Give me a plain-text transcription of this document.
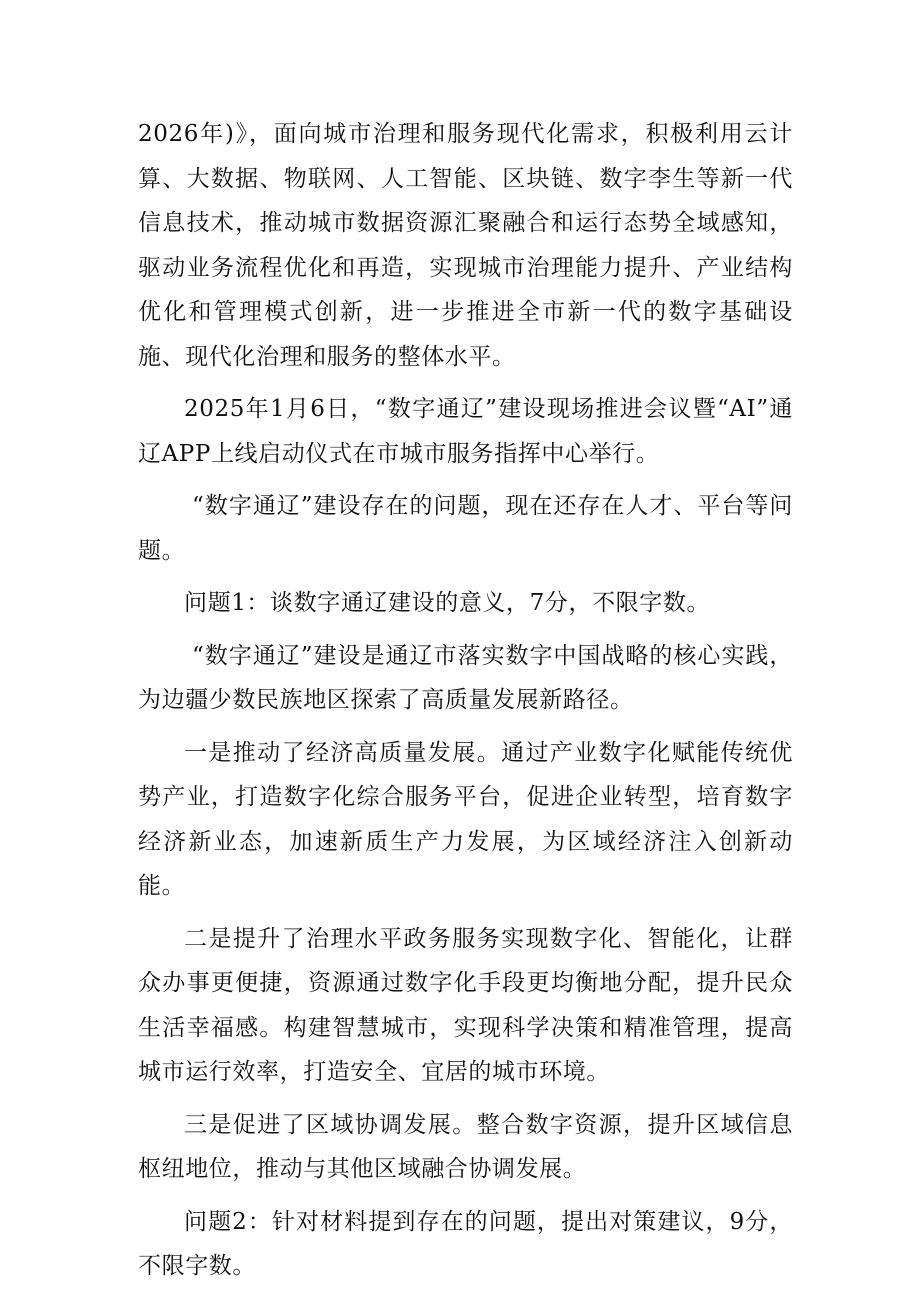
2026年)》，面向城市治理和服务现代化需求，积极利用云计算、大数据、物联网、人工智能、区块链、数字李生等新一代信息技术，推动城市数据资源汇聚融合和运行态势全域感知，驱动业务流程优化和再造，实现城市治理能力提升、产业结构优化和管理模式创新，进一步推进全市新一代的数字基础设施、现代化治理和服务的整体水平。

2025年1月6日，“数字通辽”建设现场推进会议暨“AI”通辽APP上线启动仪式在市城市服务指挥中心举行。

“数字通辽”建设存在的问题，现在还存在人才、平台等问题。

问题1：谈数字通辽建设的意义，7分，不限字数。

“数字通辽”建设是通辽市落实数字中国战略的核心实践，为边疆少数民族地区探索了高质量发展新路径。

一是推动了经济高质量发展。通过产业数字化赋能传统优势产业，打造数字化综合服务平台，促进企业转型，培育数字经济新业态，加速新质生产力发展，为区域经济注入创新动能。

二是提升了治理水平政务服务实现数字化、智能化，让群众办事更便捷，资源通过数字化手段更均衡地分配，提升民众生活幸福感。构建智慧城市，实现科学决策和精准管理，提高城市运行效率，打造安全、宜居的城市环境。

三是促进了区域协调发展。整合数字资源，提升区域信息枢纽地位，推动与其他区域融合协调发展。

问题2：针对材料提到存在的问题，提出对策建议，9分，不限字数。
